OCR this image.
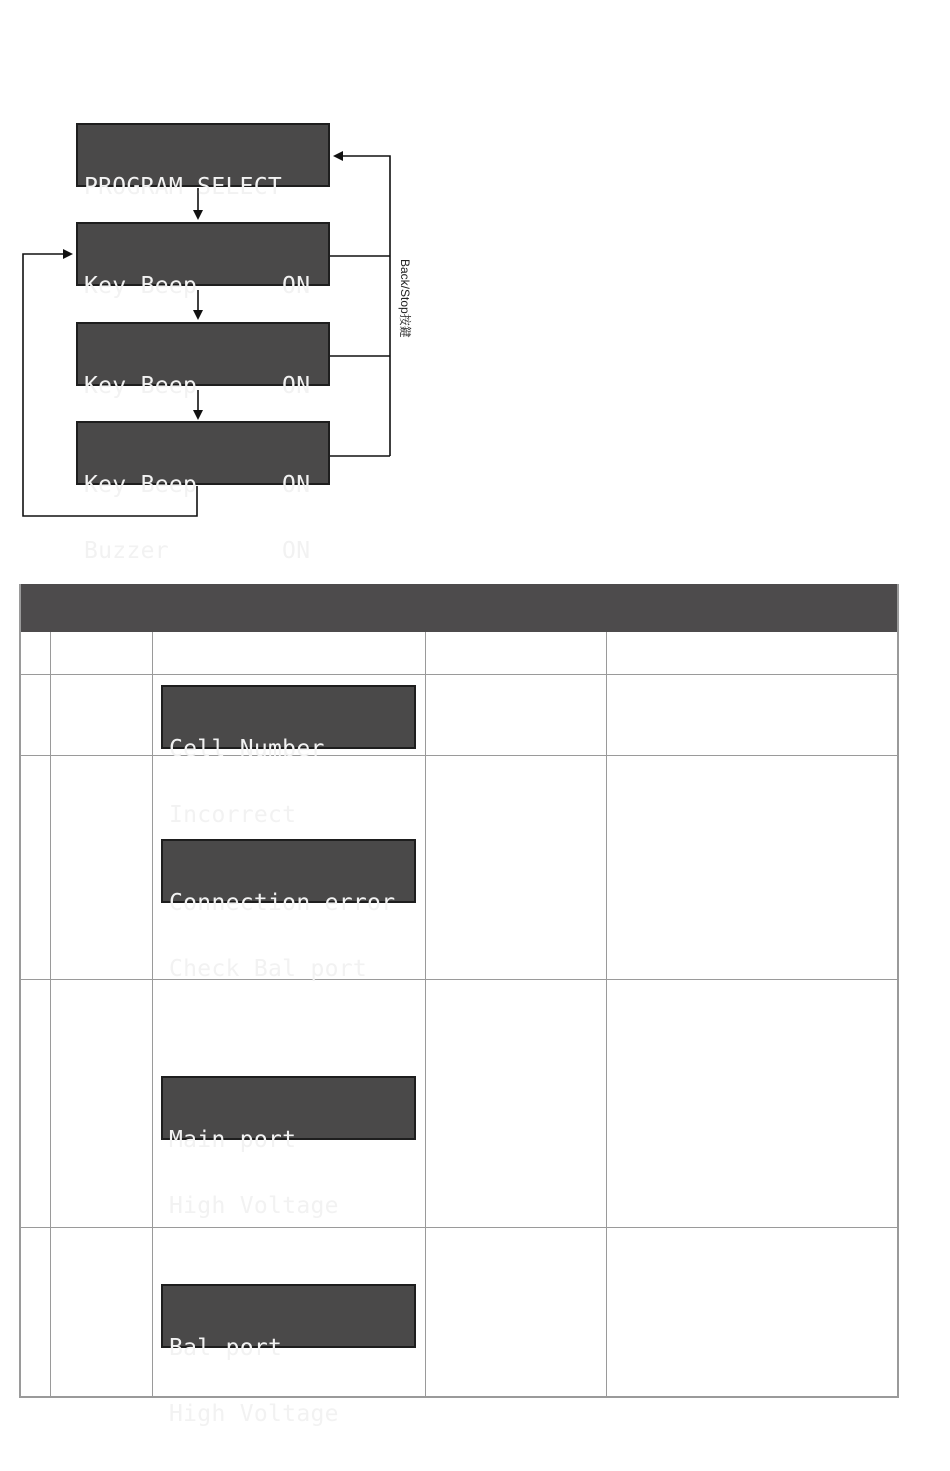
PROGRAM SELECT

Key Beep      ON

Key Beep      ON

Key Beep      ON

Buzzer        ON

Back/Stop按鍵

Cell Number

Incorrect

Connection error

Check Bal port

Main port

High Voltage

Bal port

High Voltage
